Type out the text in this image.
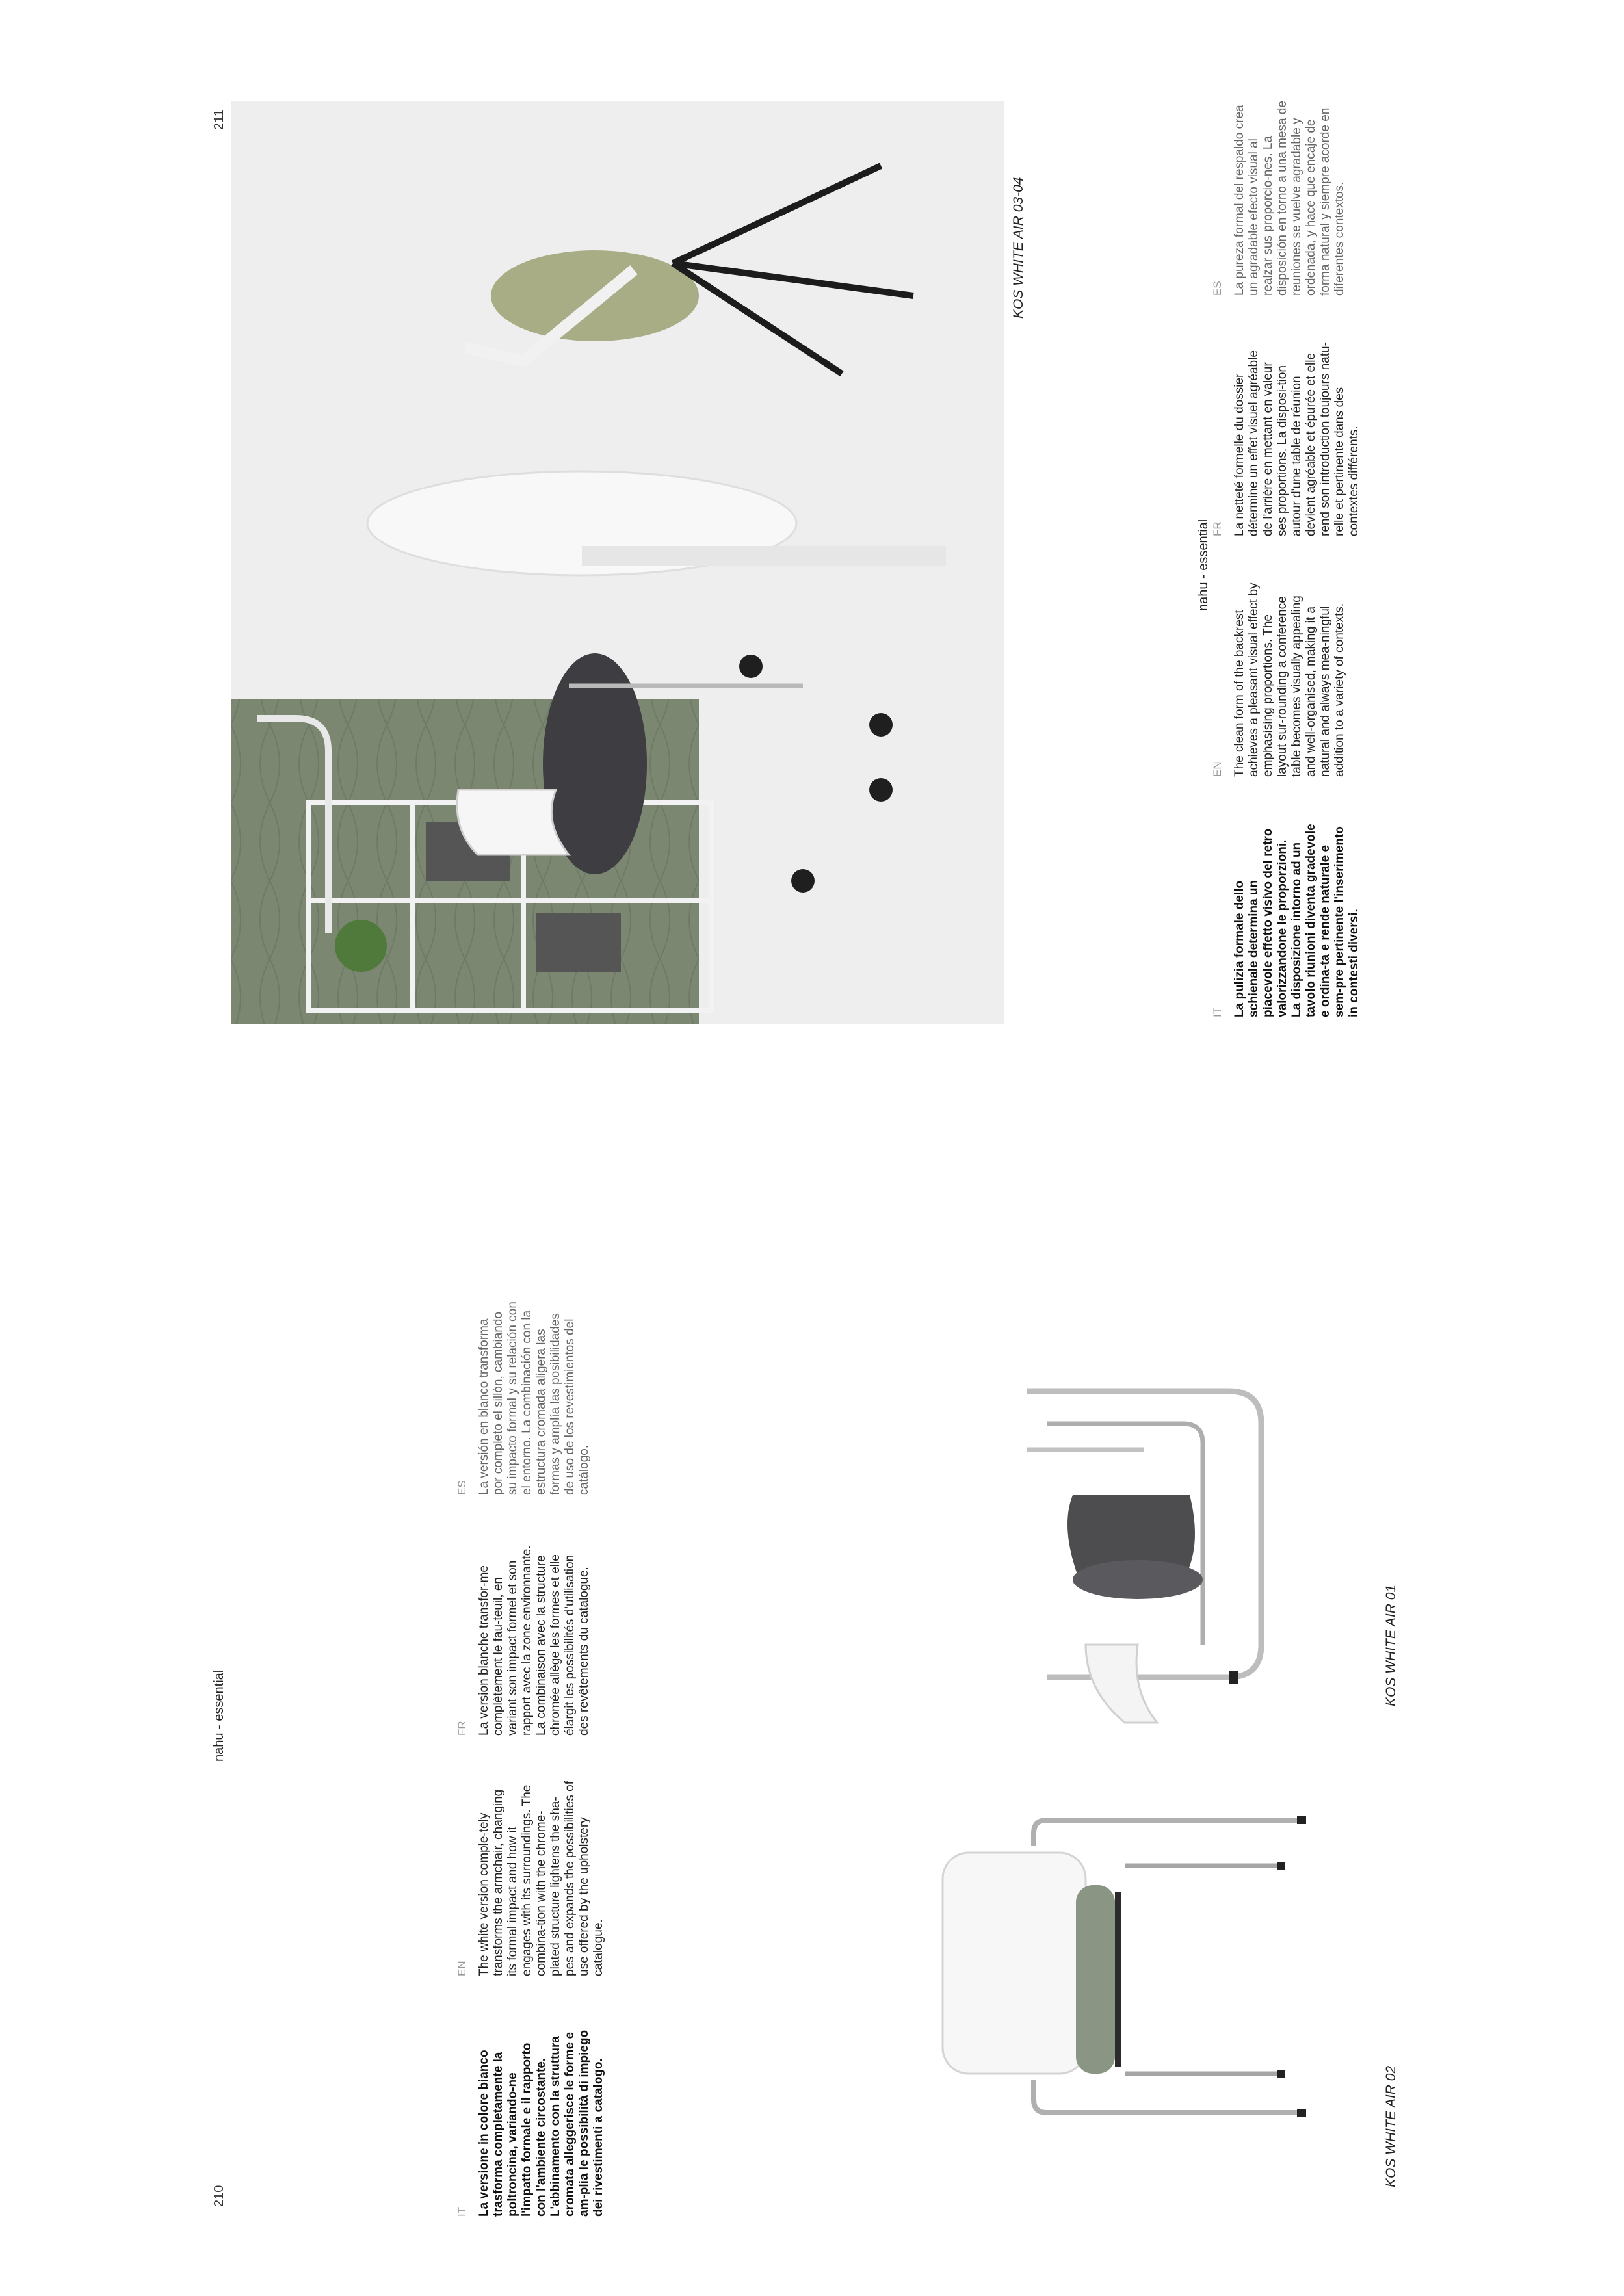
210
nahu - essential
IT La versione in colore bianco trasforma completamente la poltroncina, variando-ne l'impatto formale e il rapporto con l'ambiente circostante. L'abbinamento con la struttura cromata alleggerisce le forme e am-plia le possibilità di impiego dei rivestimenti a catalogo.
EN The white version comple-tely transforms the armchair, changing its formal impact and how it engages with its surroundings. The combina-tion with the chrome-plated structure lightens the sha-pes and expands the possibilities of use offered by the upholstery catalogue.
FR La version blanche transfor-me complètement le fau-teuil, en variant son impact formel et son rapport avec la zone environnante. La combinaison avec la structure chromée allège les formes et elle élargit les possibilités d'utilisation des revêtements du catalogue.
ES La versión en blanco transforma por completo el sillón, cambiando su impacto formal y su relación con el entorno. La combinación con la estructura cromada aligera las formas y amplía las posibilidades de uso de los revestimientos del catálogo.
KOS WHITE AIR 02
KOS WHITE AIR 01
211
nahu - essential
KOS WHITE AIR 03-04
IT La pulizia formale dello schienale determina un piacevole effetto visivo del retro valorizzandone le proporzioni. La disposizione intorno ad un tavolo riunioni diventa gradevole e ordina-ta e rende naturale e sem-pre pertinente l'inserimento in contesti diversi.
EN The clean form of the backrest achieves a pleasant visual effect by emphasising proportions. The layout sur-rounding a conference table becomes visually appealing and well-organised, making it a natural and always mea-ningful addition to a variety of contexts.
FR La netteté formelle du dossier détermine un effet visuel agréable de l'arrière en mettant en valeur ses proportions. La disposi-tion autour d'une table de réunion devient agréable et épurée et elle rend son introduction toujours natu-relle et pertinente dans des contextes différents.
ES La pureza formal del respaldo crea un agradable efecto visual al realzar sus proporcio-nes. La disposición en torno a una mesa de reuniones se vuelve agradable y ordenada, y hace que encaje de forma natural y siempre acorde en diferentes contextos.
